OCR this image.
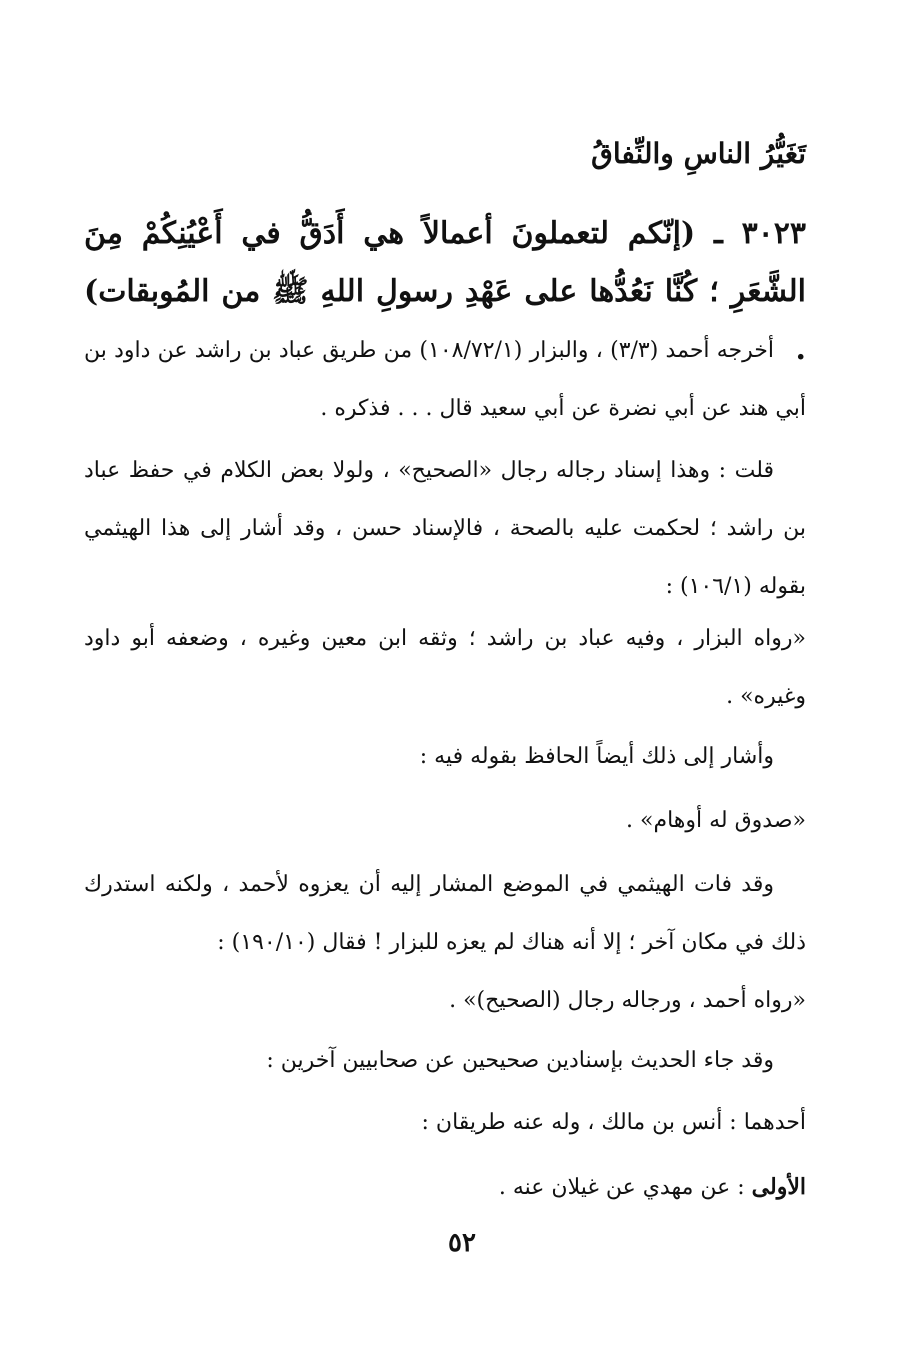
تَغَيُّرُ الناسِ والنِّفاقُ

٣٠٢٣ ـ (إنّكم لتعملونَ أعمالاً هي أَدَقُّ في أَعْيُنِكُمْ مِنَ الشَّعَرِ ؛ كُنَّا نَعُدُّها على عَهْدِ رسولِ اللهِ ﷺ من المُوبقات) .

أخرجه أحمد (٣/٣) ، والبزار (١٠٨/٧٢/١) من طريق عباد بن راشد عن داود بن أبي هند عن أبي نضرة عن أبي سعيد قال . . . فذكره .

قلت : وهذا إسناد رجاله رجال «الصحيح» ، ولولا بعض الكلام في حفظ عباد بن راشد ؛ لحكمت عليه بالصحة ، فالإسناد حسن ، وقد أشار إلى هذا الهيثمي بقوله (١٠٦/١) :

«رواه البزار ، وفيه عباد بن راشد ؛ وثقه ابن معين وغيره ، وضعفه أبو داود وغيره» .

وأشار إلى ذلك أيضاً الحافظ بقوله فيه :

«صدوق له أوهام» .

وقد فات الهيثمي في الموضع المشار إليه أن يعزوه لأحمد ، ولكنه استدرك ذلك في مكان آخر ؛ إلا أنه هناك لم يعزه للبزار ! فقال (١٩٠/١٠) :

«رواه أحمد ، ورجاله رجال (الصحيح)» .

وقد جاء الحديث بإسنادين صحيحين عن صحابيين آخرين :

أحدهما : أنس بن مالك ، وله عنه طريقان :

الأولى : عن مهدي عن غيلان عنه .

٥٢
